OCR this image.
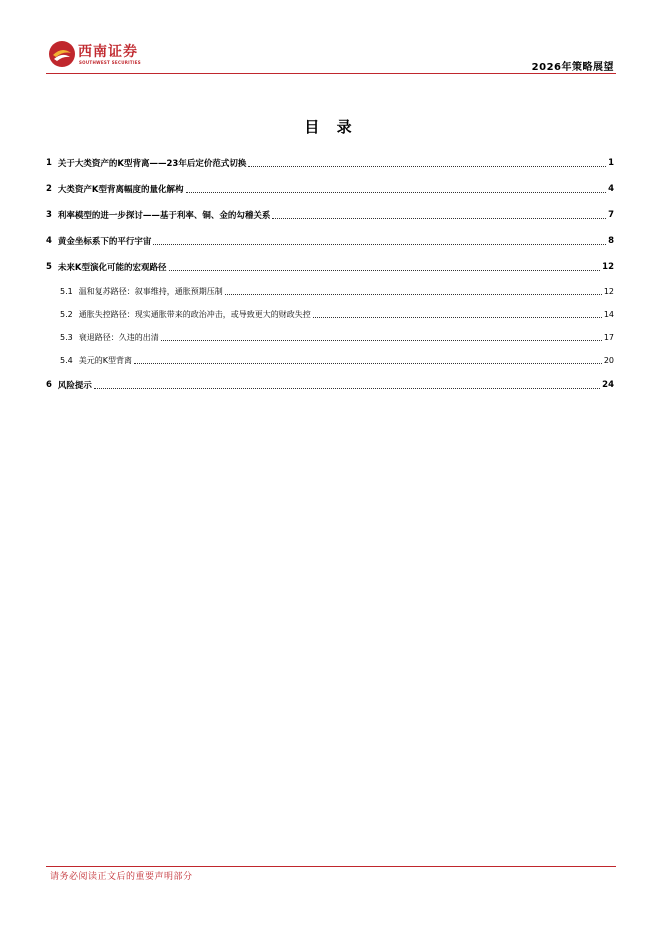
西南证券
SOUTHWEST SECURITIES	2026年策略展望
目 录
1 关于大类资产的K型背离——23年后定价范式切换	1
2 大类资产K型背离幅度的量化解构	4
3 利率模型的进一步探讨——基于利率、铜、金的勾稽关系	7
4 黄金坐标系下的平行宇宙	8
5 未来K型演化可能的宏观路径	12
5.1 温和复苏路径：叙事维持，通胀预期压制	12
5.2 通胀失控路径：现实通胀带来的政治冲击，或导致更大的财政失控	14
5.3 衰退路径：久违的出清	17
5.4 美元的K型背离	20
6 风险提示	24
请务必阅读正文后的重要声明部分
